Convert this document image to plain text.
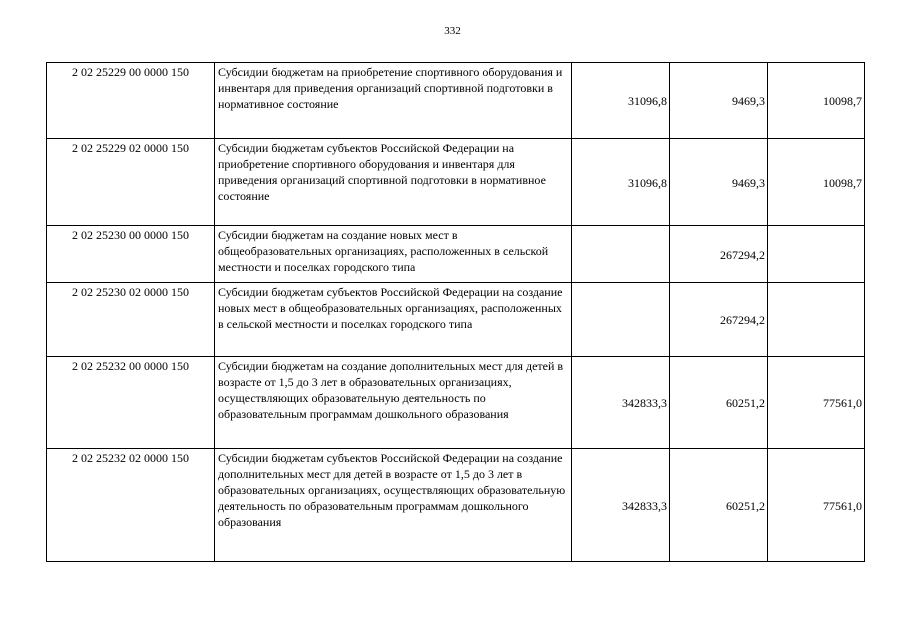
332
2 02 25229 00 0000 150	Субсидии бюджетам на приобретение спортивного оборудования и инвентаря для приведения организаций спортивной подготовки в нормативное состояние	31096,8	9469,3	10098,7
2 02 25229 02 0000 150	Субсидии бюджетам субъектов Российской Федерации на приобретение спортивного оборудования и инвентаря для приведения организаций спортивной подготовки в нормативное состояние	31096,8	9469,3	10098,7
2 02 25230 00 0000 150	Субсидии бюджетам на создание новых мест в общеобразовательных организациях, расположенных в сельской местности и поселках городского типа		267294,2	
2 02 25230 02 0000 150	Субсидии бюджетам субъектов Российской Федерации на создание новых мест в общеобразовательных организациях, расположенных в сельской местности и поселках городского типа		267294,2	
2 02 25232 00 0000 150	Субсидии бюджетам на создание дополнительных мест для детей в возрасте от 1,5 до 3 лет в образовательных организациях, осуществляющих образовательную деятельность по образовательным программам дошкольного образования	342833,3	60251,2	77561,0
2 02 25232 02 0000 150	Субсидии бюджетам субъектов Российской Федерации на создание дополнительных мест для детей в возрасте от 1,5 до 3 лет в образовательных организациях, осуществляющих образовательную деятельность по образовательным программам дошкольного образования	342833,3	60251,2	77561,0
